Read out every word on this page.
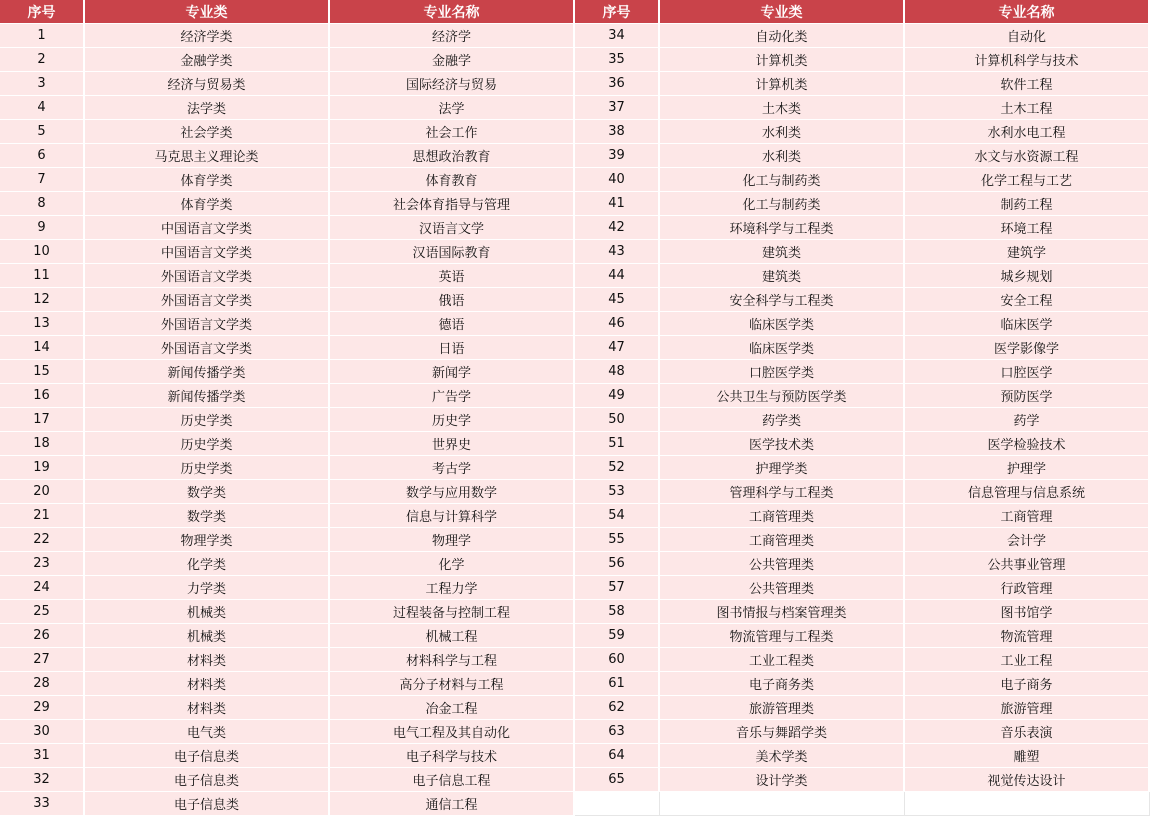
序号	专业类	专业名称
1	经济学类	经济学
2	金融学类	金融学
3	经济与贸易类	国际经济与贸易
4	法学类	法学
5	社会学类	社会工作
6	马克思主义理论类	思想政治教育
7	体育学类	体育教育
8	体育学类	社会体育指导与管理
9	中国语言文学类	汉语言文学
10	中国语言文学类	汉语国际教育
11	外国语言文学类	英语
12	外国语言文学类	俄语
13	外国语言文学类	德语
14	外国语言文学类	日语
15	新闻传播学类	新闻学
16	新闻传播学类	广告学
17	历史学类	历史学
18	历史学类	世界史
19	历史学类	考古学
20	数学类	数学与应用数学
21	数学类	信息与计算科学
22	物理学类	物理学
23	化学类	化学
24	力学类	工程力学
25	机械类	过程装备与控制工程
26	机械类	机械工程
27	材料类	材料科学与工程
28	材料类	高分子材料与工程
29	材料类	冶金工程
30	电气类	电气工程及其自动化
31	电子信息类	电子科学与技术
32	电子信息类	电子信息工程
33	电子信息类	通信工程
序号	专业类	专业名称
34	自动化类	自动化
35	计算机类	计算机科学与技术
36	计算机类	软件工程
37	土木类	土木工程
38	水利类	水利水电工程
39	水利类	水文与水资源工程
40	化工与制药类	化学工程与工艺
41	化工与制药类	制药工程
42	环境科学与工程类	环境工程
43	建筑类	建筑学
44	建筑类	城乡规划
45	安全科学与工程类	安全工程
46	临床医学类	临床医学
47	临床医学类	医学影像学
48	口腔医学类	口腔医学
49	公共卫生与预防医学类	预防医学
50	药学类	药学
51	医学技术类	医学检验技术
52	护理学类	护理学
53	管理科学与工程类	信息管理与信息系统
54	工商管理类	工商管理
55	工商管理类	会计学
56	公共管理类	公共事业管理
57	公共管理类	行政管理
58	图书情报与档案管理类	图书馆学
59	物流管理与工程类	物流管理
60	工业工程类	工业工程
61	电子商务类	电子商务
62	旅游管理类	旅游管理
63	音乐与舞蹈学类	音乐表演
64	美术学类	雕塑
65	设计学类	视觉传达设计
